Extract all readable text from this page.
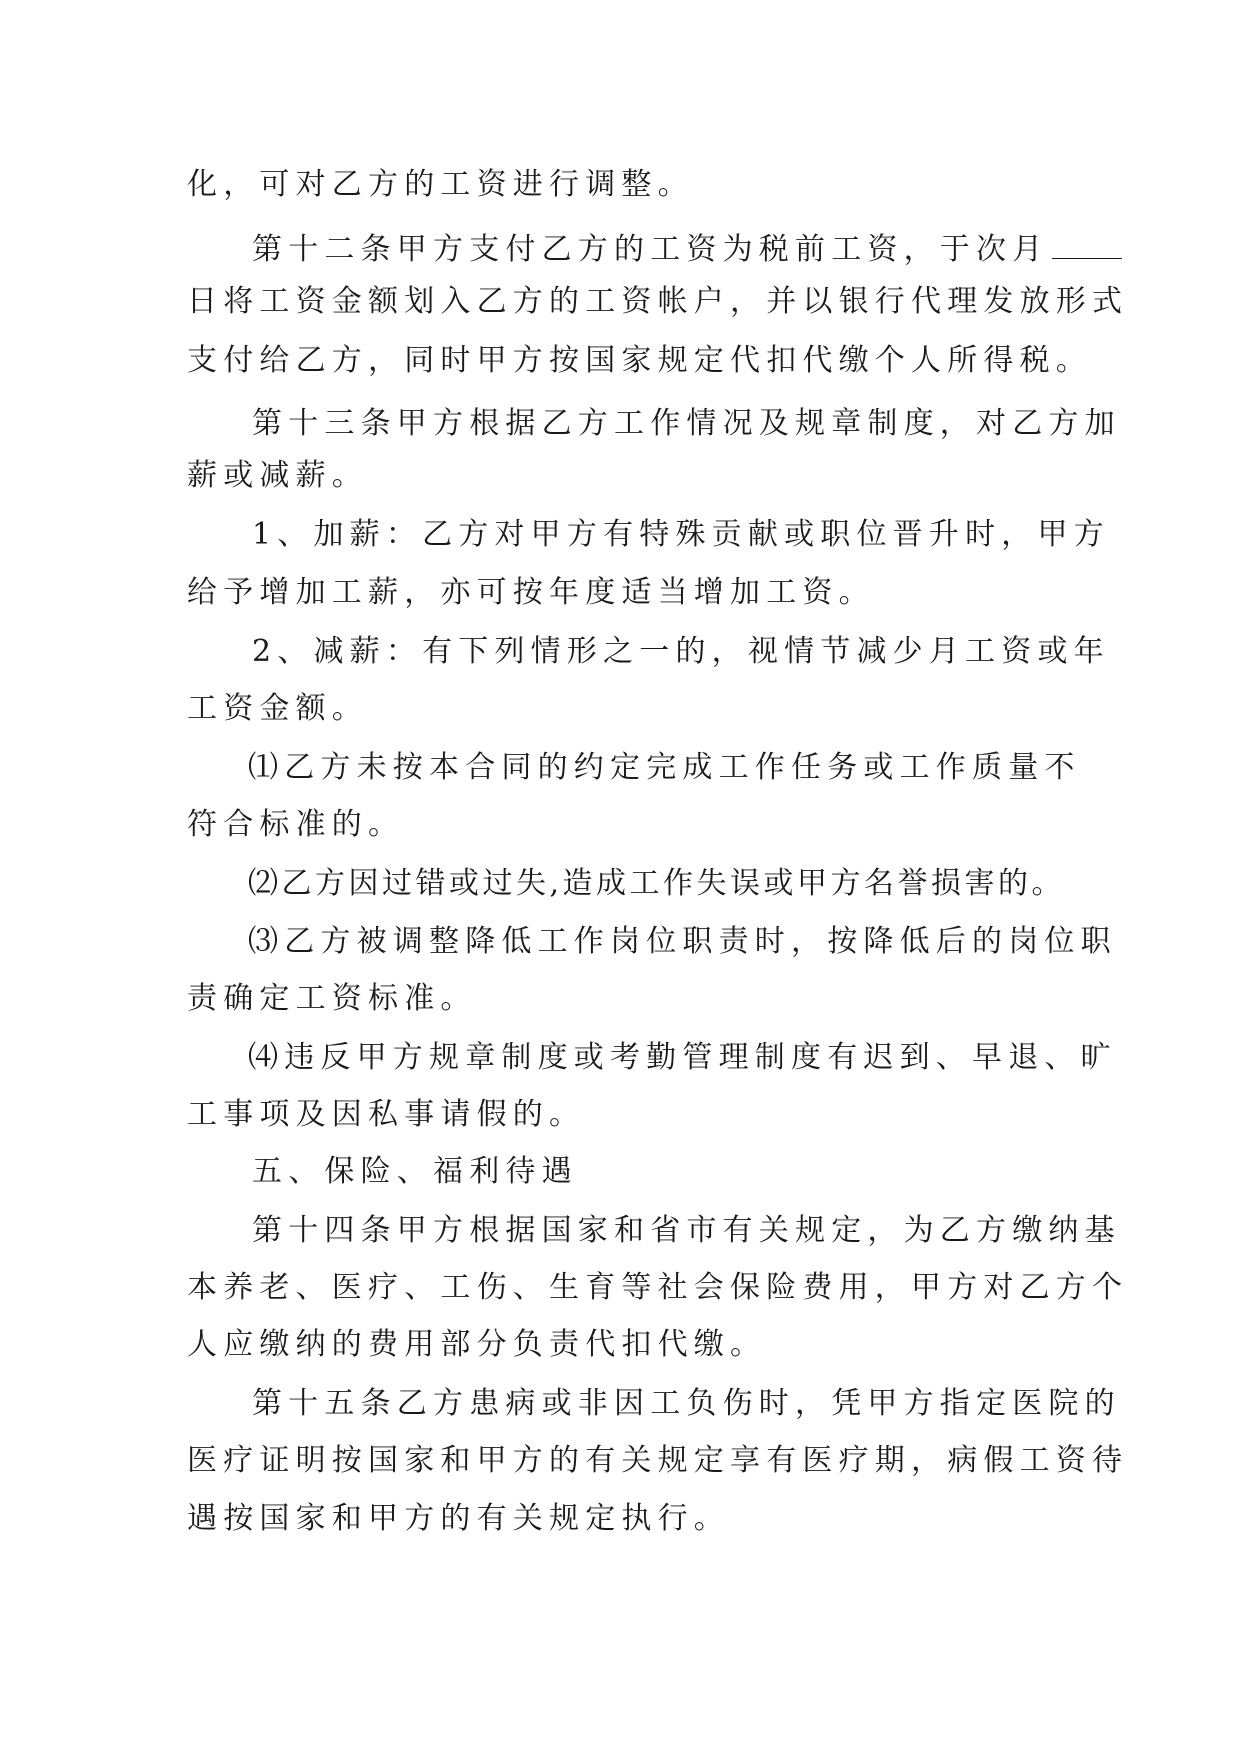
化，可对乙方的工资进行调整。
第十二条甲方支付乙方的工资为税前工资，于次月
日将工资金额划入乙方的工资帐户，并以银行代理发放形式
支付给乙方，同时甲方按国家规定代扣代缴个人所得税。
第十三条甲方根据乙方工作情况及规章制度，对乙方加
薪或减薪。
1、加薪：乙方对甲方有特殊贡献或职位晋升时，甲方
给予增加工薪，亦可按年度适当增加工资。
2、减薪：有下列情形之一的，视情节减少月工资或年
工资金额。
⑴乙方未按本合同的约定完成工作任务或工作质量不
符合标准的。
⑵乙方因过错或过失,造成工作失误或甲方名誉损害的。
⑶乙方被调整降低工作岗位职责时，按降低后的岗位职
责确定工资标准。
⑷违反甲方规章制度或考勤管理制度有迟到、早退、旷
工事项及因私事请假的。
五、保险、福利待遇
第十四条甲方根据国家和省市有关规定，为乙方缴纳基
本养老、医疗、工伤、生育等社会保险费用，甲方对乙方个
人应缴纳的费用部分负责代扣代缴。
第十五条乙方患病或非因工负伤时，凭甲方指定医院的
医疗证明按国家和甲方的有关规定享有医疗期，病假工资待
遇按国家和甲方的有关规定执行。
